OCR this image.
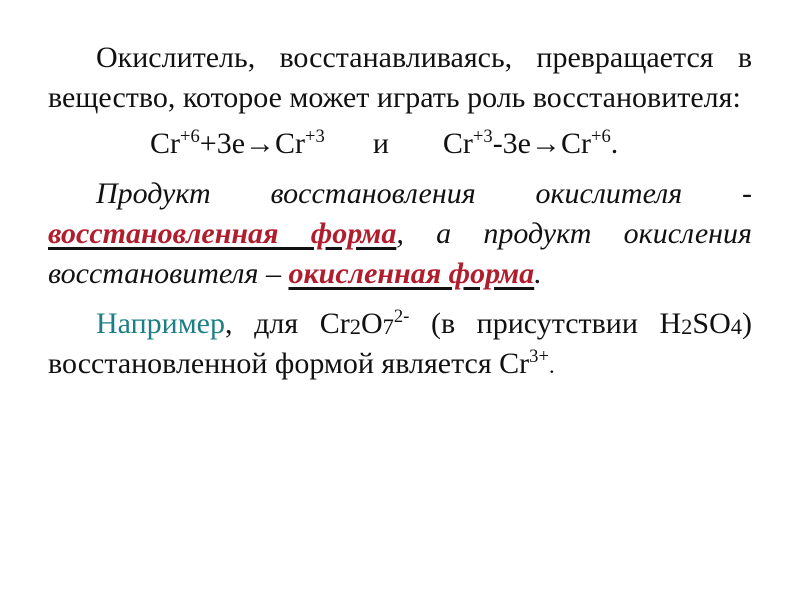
Окислитель, восстанавливаясь, превращается в вещество, которое может играть роль восстановителя:

$Cr^{+6}+3e\to Cr^{+3}$ и $Cr^{+3}-3e\to Cr^{+6}$.

Продукт восстановления окислителя - восстановленная форма, а продукт окисления восстановителя – окисленная форма.

Например, для $Cr_2O_7^{2-}$ (в присутствии $H_2SO_4$) восстановленной формой является $Cr^{3+}$.
